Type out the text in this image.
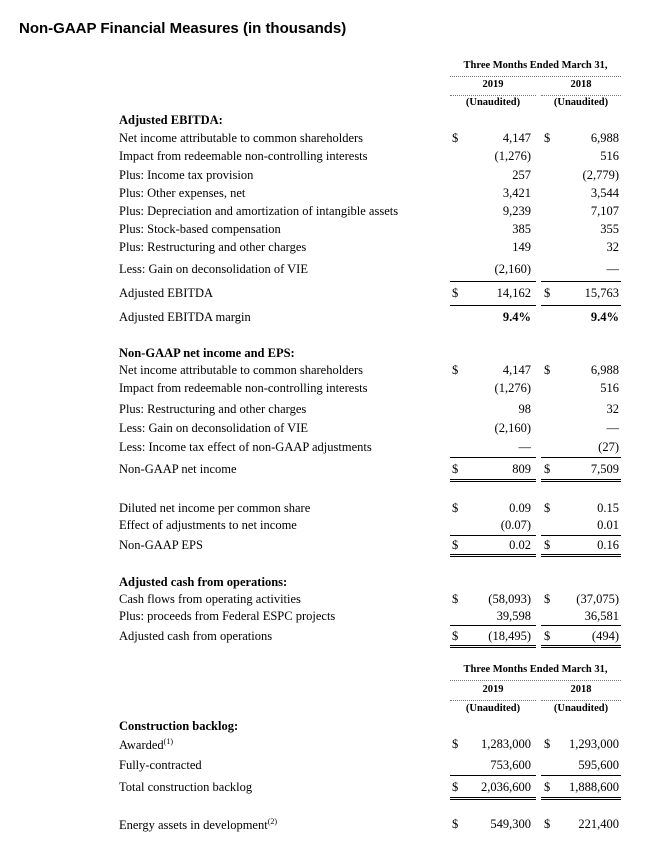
Non-GAAP Financial Measures (in thousands)
Three Months Ended March 31,
2019	2018
(Unaudited)	(Unaudited)
Adjusted EBITDA:
Net income attributable to common shareholders	$	4,147 $	6,988
Impact from redeemable non-controlling interests	(1,276)	516
Plus: Income tax provision	257	(2,779)
Plus: Other expenses, net	3,421	3,544
Plus: Depreciation and amortization of intangible assets	9,239	7,107
Plus: Stock-based compensation	385	355
Plus: Restructuring and other charges	149	32
Less: Gain on deconsolidation of VIE	(2,160)	—
Adjusted EBITDA	$	14,162 $	15,763
Adjusted EBITDA margin	9.4%	9.4%
Non-GAAP net income and EPS:
Net income attributable to common shareholders	$	4,147 $	6,988
Impact from redeemable non-controlling interests	(1,276)	516
Plus: Restructuring and other charges	98	32
Less: Gain on deconsolidation of VIE	(2,160)	—
Less: Income tax effect of non-GAAP adjustments	—	(27)
Non-GAAP net income	$	809 $	7,509
Diluted net income per common share	$	0.09 $	0.15
Effect of adjustments to net income	(0.07)	0.01
Non-GAAP EPS	$	0.02 $	0.16
Adjusted cash from operations:
Cash flows from operating activities	$	(58,093) $	(37,075)
Plus: proceeds from Federal ESPC projects	39,598	36,581
Adjusted cash from operations	$	(18,495) $	(494)
Three Months Ended March 31,
2019	2018
(Unaudited)	(Unaudited)
Construction backlog:
Awarded$^{(1)}$	$	1,283,000 $	1,293,000
Fully-contracted	753,600	595,600
Total construction backlog	$	2,036,600 $	1,888,600
Energy assets in development$^{(2)}$	$	549,300 $	221,400
